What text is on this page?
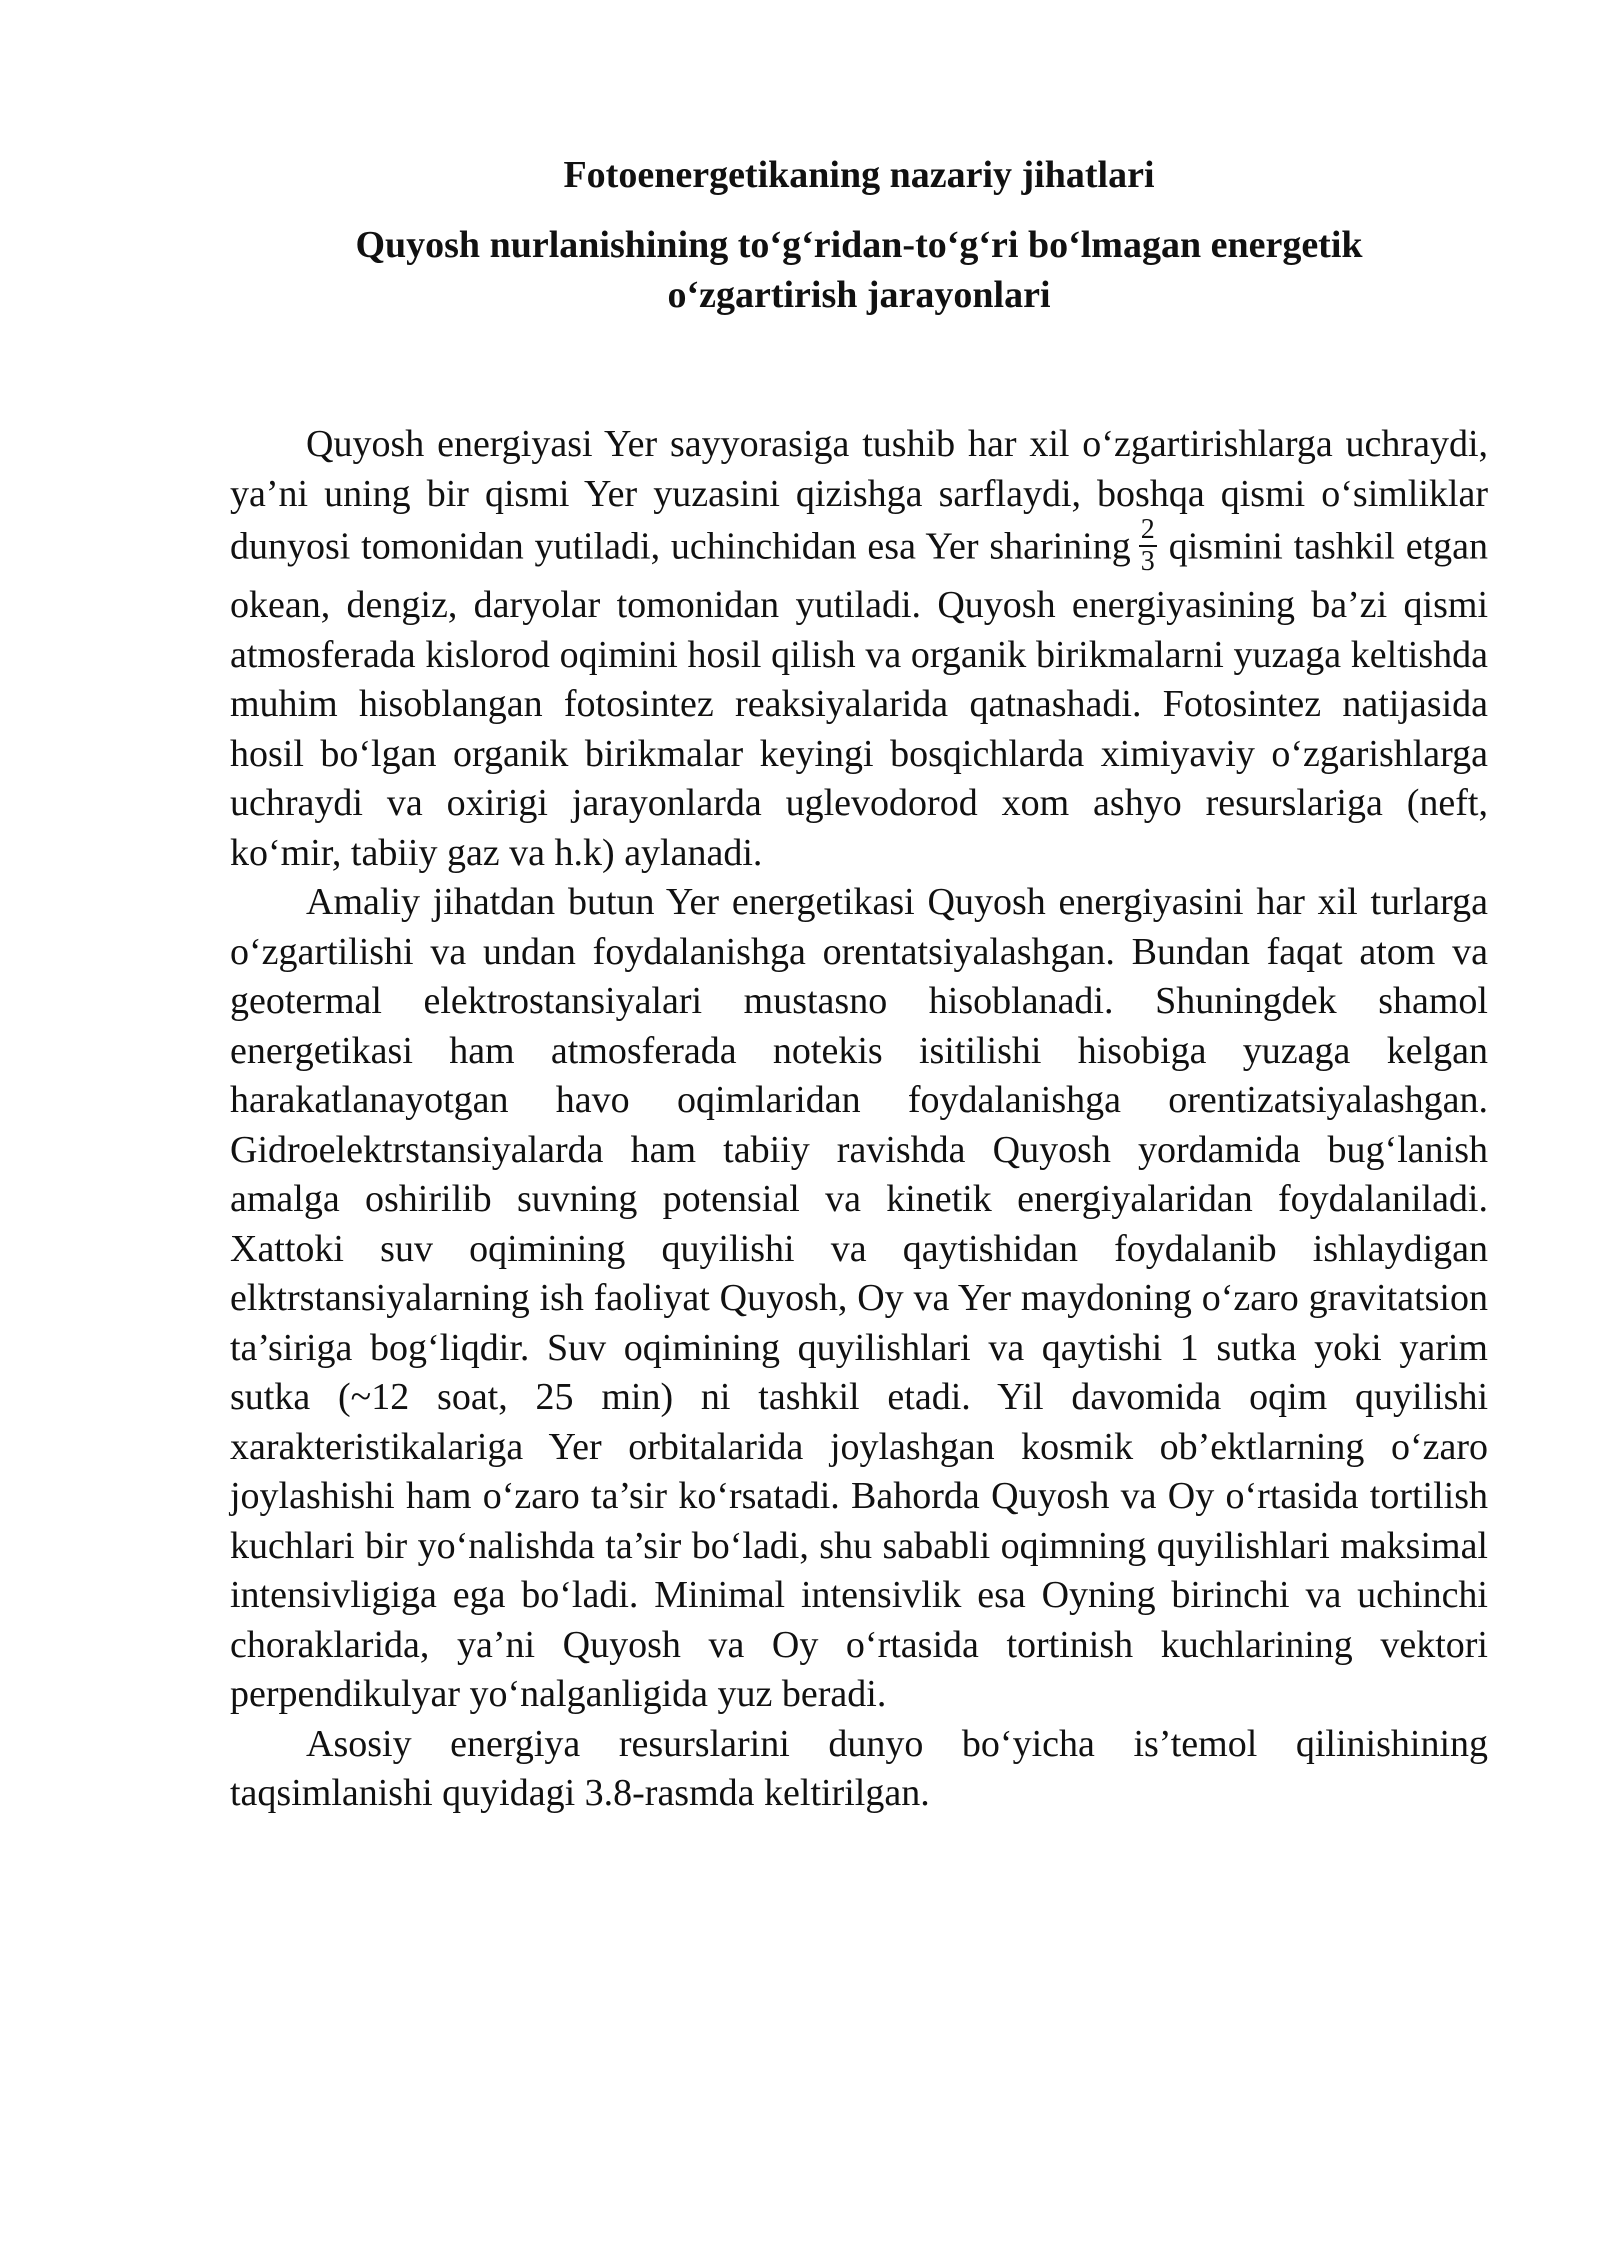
Fotoenergetikaning nazariy jihatlari
Quyosh nurlanishining to‘g‘ridan-to‘g‘ri bo‘lmagan energetik
o‘zgartirish jarayonlari

Quyosh energiyasi Yer sayyorasiga tushib har xil o‘zgartirishlarga uchraydi, ya’ni uning bir qismi Yer yuzasini qizishga sarflaydi, boshqa qismi o‘simliklar dunyosi tomonidan yutiladi, uchinchidan esa Yer sharining $\frac{2}{3}$ qismini tashkil etgan okean, dengiz, daryolar tomonidan yutiladi. Quyosh energiyasining ba’zi qismi atmosferada kislorod oqimini hosil qilish va organik birikmalarni yuzaga keltishda muhim hisoblangan fotosintez reaksiyalarida qatnashadi. Fotosintez natijasida hosil bo‘lgan organik birikmalar keyingi bosqichlarda ximiyaviy o‘zgarishlarga uchraydi va oxirigi jarayonlarda uglevodorod xom ashyo resurslariga (neft, ko‘mir, tabiiy gaz va h.k) aylanadi.

Amaliy jihatdan butun Yer energetikasi Quyosh energiyasini har xil turlarga o‘zgartilishi va undan foydalanishga orentatsiyalashgan. Bundan faqat atom va geotermal elektrostansiyalari mustasno hisoblanadi. Shuningdek shamol energetikasi ham atmosferada notekis isitilishi hisobiga yuzaga kelgan harakatlanayotgan havo oqimlaridan foydalanishga orentizatsiyalashgan. Gidroelektrstansiyalarda ham tabiiy ravishda Quyosh yordamida bug‘lanish amalga oshirilib suvning potensial va kinetik energiyalaridan foydalaniladi. Xattoki suv oqimining quyilishi va qaytishidan foydalanib ishlaydigan elktrstansiyalarning ish faoliyat Quyosh, Oy va Yer maydoning o‘zaro gravitatsion ta’siriga bog‘liqdir. Suv oqimining quyilishlari va qaytishi 1 sutka yoki yarim sutka (~12 soat, 25 min) ni tashkil etadi. Yil davomida oqim quyilishi xarakteristikalariga Yer orbitalarida joylashgan kosmik ob’ektlarning o‘zaro joylashishi ham o‘zaro ta’sir ko‘rsatadi. Bahorda Quyosh va Oy o‘rtasida tortilish kuchlari bir yo‘nalishda ta’sir bo‘ladi, shu sababli oqimning quyilishlari maksimal intensivligiga ega bo‘ladi. Minimal intensivlik esa Oyning birinchi va uchinchi choraklarida, ya’ni Quyosh va Oy o‘rtasida tortinish kuchlarining vektori perpendikulyar yo‘nalganligida yuz beradi.

Asosiy energiya resurslarini dunyo bo‘yicha is’temol qilinishining taqsimlanishi quyidagi 3.8-rasmda keltirilgan.
